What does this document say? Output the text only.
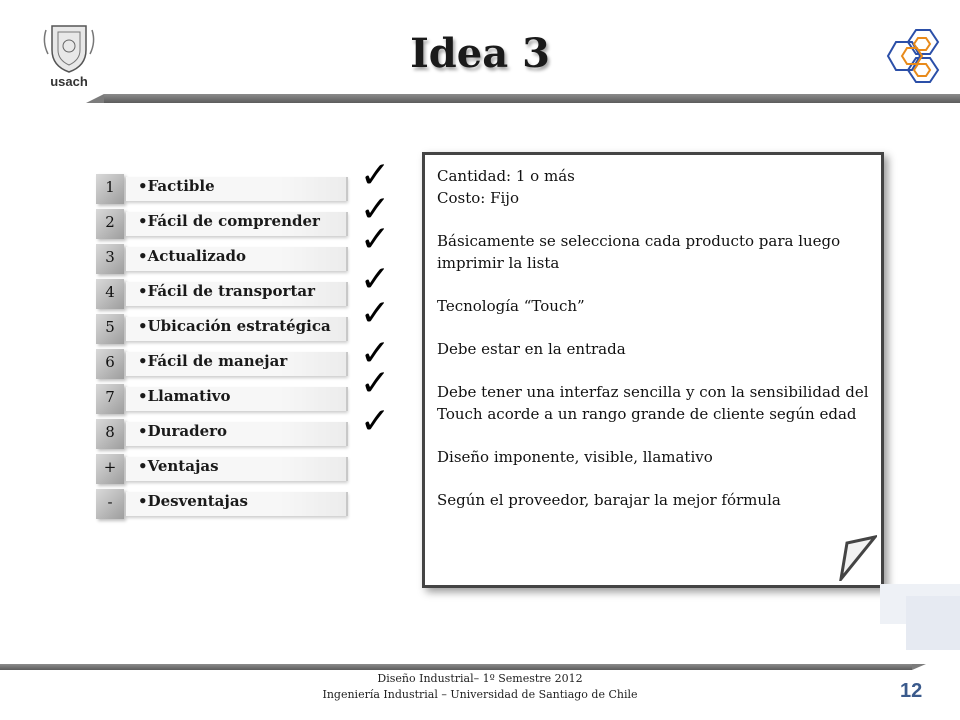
usach
Idea 3
1	•Factible
2	•Fácil de comprender
3	•Actualizado
4	•Fácil de transportar
5	•Ubicación estratégica
6	•Fácil de manejar
7	•Llamativo
8	•Duradero
+	•Ventajas
-	•Desventajas
✓
✓
✓
✓
✓
✓
✓
✓

Cantidad: 1 o más

Costo: Fijo

Básicamente se selecciona cada producto para luego imprimir la lista

Tecnología “Touch”

Debe estar en la entrada

Debe tener una interfaz sencilla y con la sensibilidad del Touch acorde a un rango grande de cliente según edad

Diseño imponente, visible, llamativo

Según el proveedor, barajar la mejor fórmula

Diseño Industrial– 1º Semestre 2012
Ingeniería Industrial – Universidad de Santiago de Chile	12
